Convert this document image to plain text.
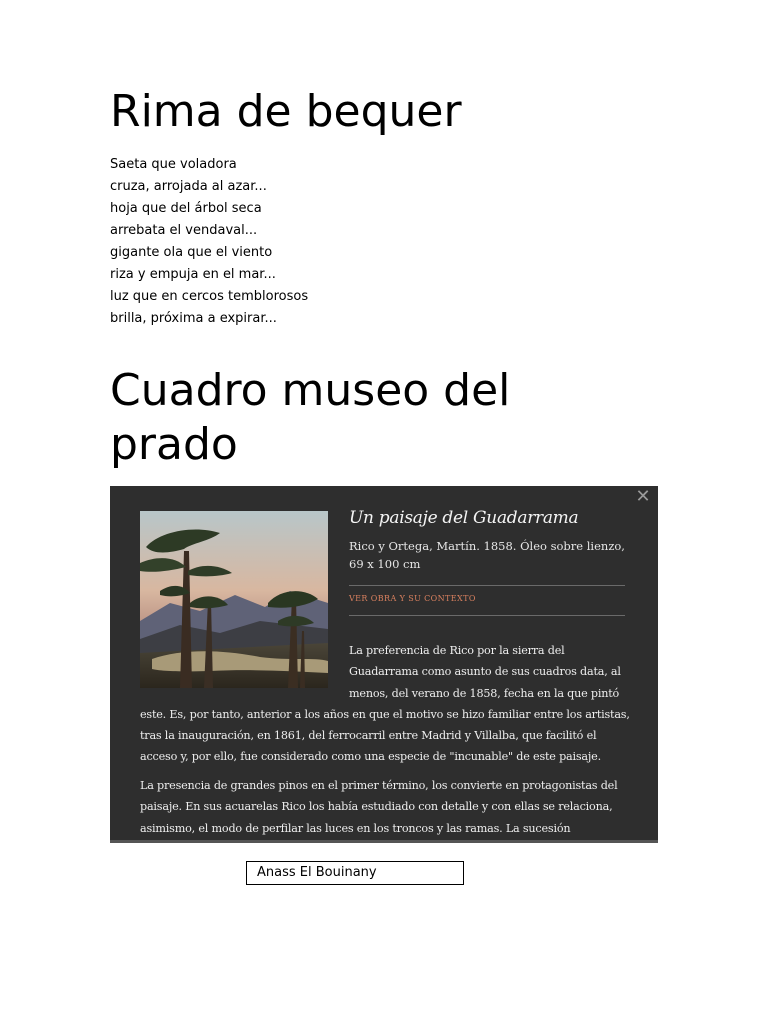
Rima de bequer
Saeta que voladora
cruza, arrojada al azar...
hoja que del árbol seca
arrebata el vendaval...
gigante ola que el viento
riza y empuja en el mar...
luz que en cercos temblorosos
brilla, próxima a expirar...
Cuadro museo del prado
✕
Un paisaje del Guadarrama
Rico y Ortega, Martín. 1858. Óleo sobre lienzo, 69 x 100 cm
VER OBRA Y SU CONTEXTO
La preferencia de Rico por la sierra del
Guadarrama como asunto de sus cuadros data, al
menos, del verano de 1858, fecha en la que pintó
este. Es, por tanto, anterior a los años en que el motivo se hizo familiar entre los artistas,
tras la inauguración, en 1861, del ferrocarril entre Madrid y Villalba, que facilitó el
acceso y, por ello, fue considerado como una especie de "incunable" de este paisaje.
La presencia de grandes pinos en el primer término, los convierte en protagonistas del
paisaje. En sus acuarelas Rico los había estudiado con detalle y con ellas se relaciona,
asimismo, el modo de perfilar las luces en los troncos y las ramas. La sucesión
Anass El Bouinany
